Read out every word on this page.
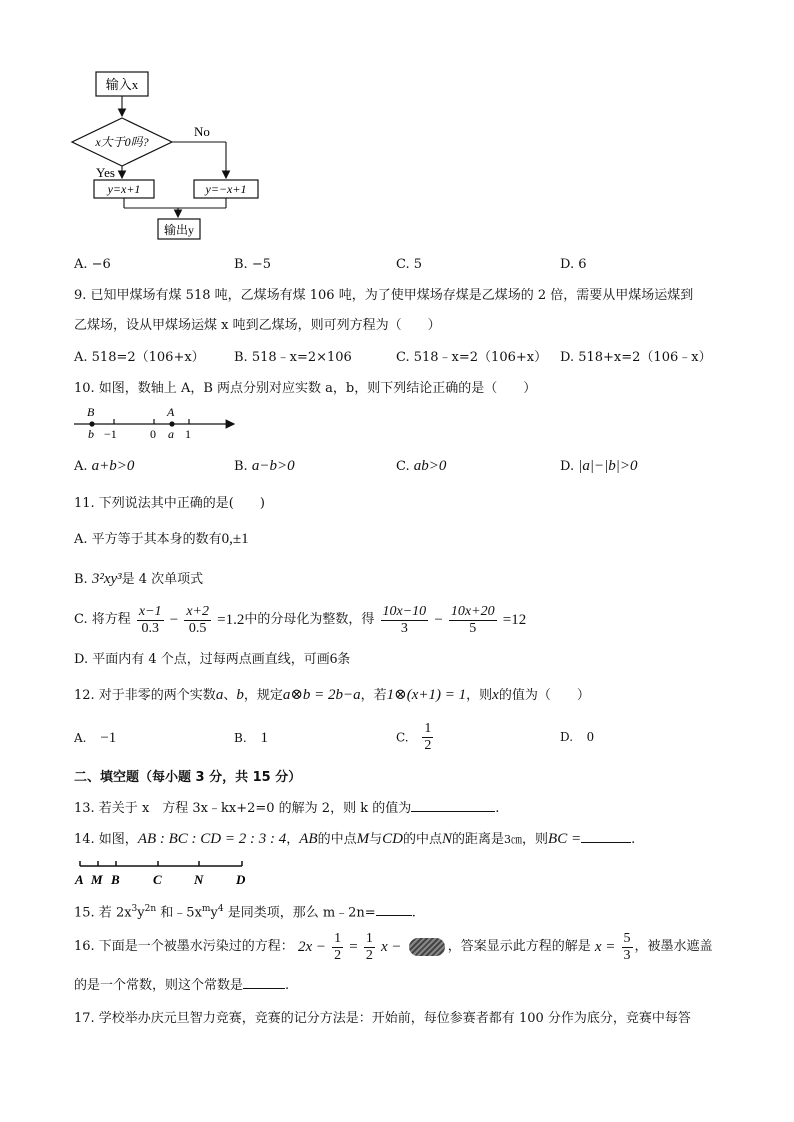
输入x
x大于0吗?
No
Yes
y=x+1	y=−x+1
输出y
A. −6	B. −5	C. 5	D. 6
9. 已知甲煤场有煤 518 吨，乙煤场有煤 106 吨，为了使甲煤场存煤是乙煤场的 2 倍，需要从甲煤场运煤到
乙煤场，设从甲煤场运煤 x 吨到乙煤场，则可列方程为（　　）
A. 518=2（106+x） B. 518﹣x=2×106	C. 518﹣x=2（106+x） D. 518+x=2（106﹣x）
10. 如图，数轴上 A，B 两点分别对应实数 a，b，则下列结论正确的是（　　）
B
b −1	0
A
a 1
A. a+b>0	B. a−b>0	C. ab>0	D. |a|−|b|>0
11. 下列说法其中正确的是(　　)
A. 平方等于其本身的数有0,±1
B. 3²xy³是 4 次单项式
C. 将方程 $\frac{x-1}{0.3} - \frac{x+2}{0.5} =1.2$中的分母化为整数，得 $\frac{10x-10}{3} - \frac{10x+20}{5} =12$
D. 平面内有 4 个点，过每两点画直线，可画6条
12. 对于非零的两个实数a、b，规定a⊗b = 2b−a，若1⊗(x+1) = 1，则x的值为（　　）
A. −1	B. 1	C. $\frac{1}{2}$	D. 0
二、填空题（每小题 3 分，共 15 分）
13. 若关于 x　方程 3x﹣kx+2=0 的解为 2，则 k 的值为	.
14. 如图，AB : BC : CD = 2 : 3 : 4，AB的中点M与CD的中点N的距离是3㎝，则BC =	.
A M B	C N	D
15. 若 $2x^3y^{2n}$ 和$﹣5x^my^4$ 是同类项，那么 m﹣2n=	.
16. 下面是一个被墨水污染过的方程： $2x - \frac{1}{2} = \frac{1}{2}$ x −	，答案显示此方程的解是 $x = \frac{5}{3}$ ，被墨水遮盖
的是一个常数，则这个常数是	.
17. 学校举办庆元旦智力竞赛，竞赛的记分方法是：开始前，每位参赛者都有 100 分作为底分，竞赛中每答
